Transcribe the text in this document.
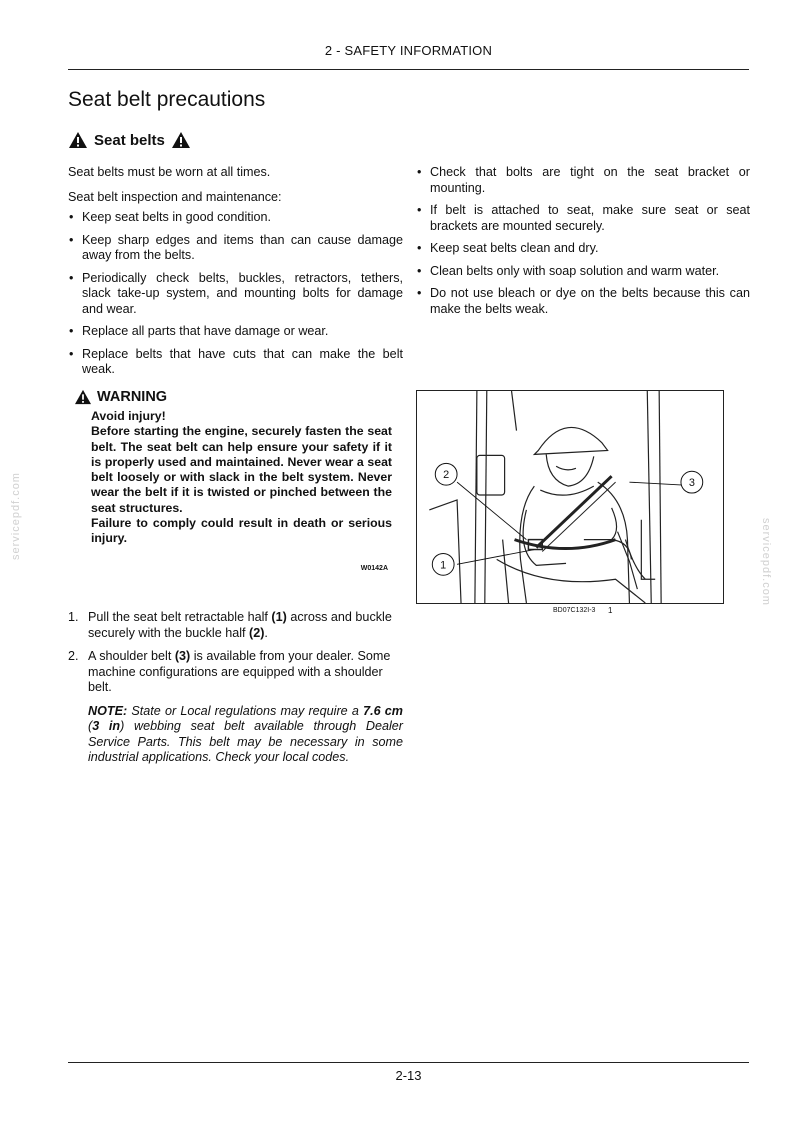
2 - SAFETY INFORMATION
Seat belt precautions
Seat belts

Seat belts must be worn at all times.

Seat belt inspection and maintenance:

• Keep seat belts in good condition.
• Keep sharp edges and items than can cause damage away from the belts.
• Periodically check belts, buckles, retractors, tethers, slack take-up system, and mounting bolts for damage and wear.
• Replace all parts that have damage or wear.
• Replace belts that have cuts that can make the belt weak.
• Check that bolts are tight on the seat bracket or mounting.
• If belt is attached to seat, make sure seat or seat brackets are mounted securely.
• Keep seat belts clean and dry.
• Clean belts only with soap solution and warm water.
• Do not use bleach or dye on the belts because this can make the belts weak.
WARNING
Avoid injury!
Before starting the engine, securely fasten the seat belt. The seat belt can help ensure your safety if it is properly used and maintained. Never wear a seat belt loosely or with slack in the belt system. Never wear the belt if it is twisted or pinched between the seat structures.
Failure to comply could result in death or serious injury.
W0142A
1. Pull the seat belt retractable half (1) across and buckle securely with the buckle half (2).
2. A shoulder belt (3) is available from your dealer. Some machine configurations are equipped with a shoulder belt.
NOTE: State or Local regulations may require a 7.6 cm (3 in) webbing seat belt available through Dealer Service Parts. This belt may be necessary in some industrial applications. Check your local codes.
2
1
3
BD07C132I-3 1
servicepdf.com
servicepdf.com
2-13
